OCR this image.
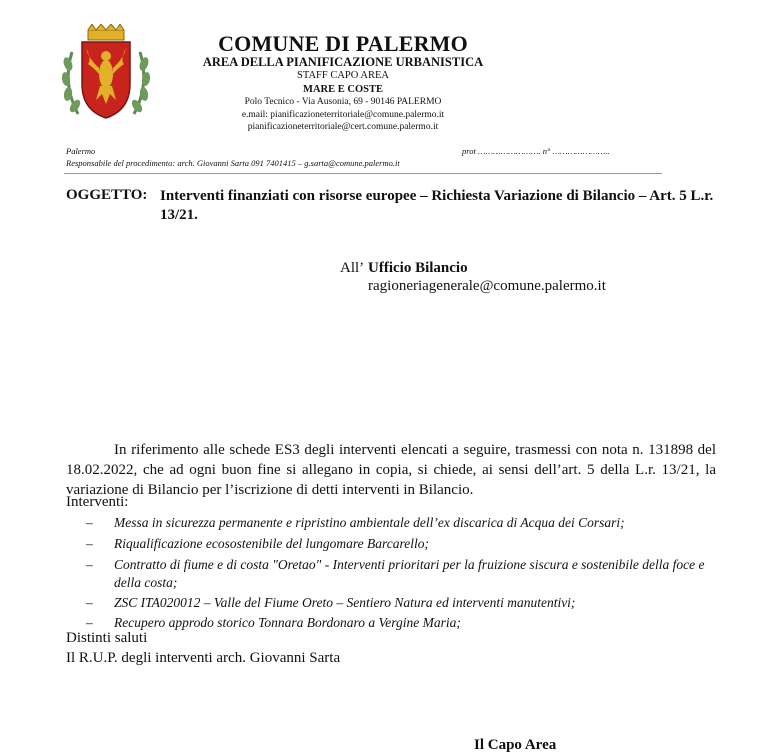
COMUNE DI PALERMO
AREA DELLA PIANIFICAZIONE URBANISTICA
STAFF CAPO AREA
MARE E COSTE
Polo Tecnico - Via Ausonia, 69 - 90146 PALERMO
e.mail: pianificazioneterritoriale@comune.palermo.it
pianificazioneterritoriale@cert.comune.palermo.it
Palermo
Responsabile del procedimento: arch. Giovanni Sarta 091 7401415 – g.sarta@comune.palermo.it
prot ……………………. n° …………………..
OGGETTO: Interventi finanziati con risorse europee – Richiesta Variazione di Bilancio – Art. 5 L.r. 13/21.
All’ Ufficio Bilancio
ragioneriagenerale@comune.palermo.it
In riferimento alle schede ES3 degli interventi elencati a seguire, trasmessi con nota n. 131898 del 18.02.2022, che ad ogni buon fine si allegano in copia, si chiede, ai sensi dell’art. 5 della L.r. 13/21, la variazione di Bilancio per l’iscrizione di detti interventi in Bilancio.
Interventi:
– Messa in sicurezza permanente e ripristino ambientale dell’ex discarica di Acqua dei Corsari;
– Riqualificazione ecosostenibile del lungomare Barcarello;
– Contratto di fiume e di costa "Oretao" - Interventi prioritari per la fruizione siscura e sostenibile della foce e della costa;
– ZSC ITA020012 – Valle del Fiume Oreto – Sentiero Natura ed interventi manutentivi;
– Recupero approdo storico Tonnara Bordonaro a Vergine Maria;
Distinti saluti
Il R.U.P. degli interventi arch. Giovanni Sarta
Il Capo Area
